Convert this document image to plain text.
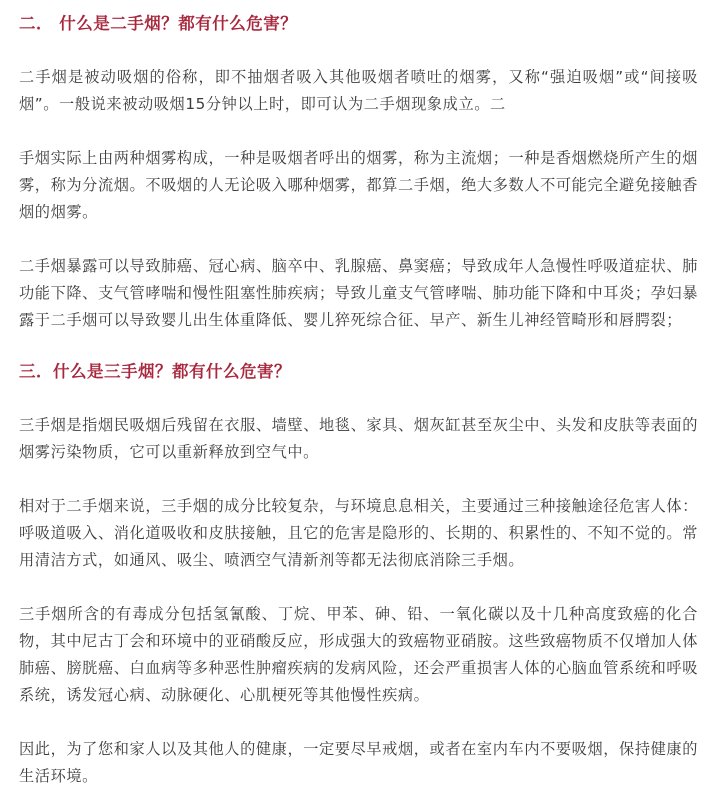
二． 什么是二手烟？都有什么危害？

二手烟是被动吸烟的俗称，即不抽烟者吸入其他吸烟者喷吐的烟雾，又称“强迫吸烟”或“间接吸烟”。一般说来被动吸烟15分钟以上时，即可认为二手烟现象成立。二

手烟实际上由两种烟雾构成，一种是吸烟者呼出的烟雾，称为主流烟；一种是香烟燃烧所产生的烟雾，称为分流烟。不吸烟的人无论吸入哪种烟雾，都算二手烟，绝大多数人不可能完全避免接触香烟的烟雾。

二手烟暴露可以导致肺癌、冠心病、脑卒中、乳腺癌、鼻窦癌；导致成年人急慢性呼吸道症状、肺功能下降、支气管哮喘和慢性阻塞性肺疾病；导致儿童支气管哮喘、肺功能下降和中耳炎；孕妇暴露于二手烟可以导致婴儿出生体重降低、婴儿猝死综合征、早产、新生儿神经管畸形和唇腭裂；

三．什么是三手烟？都有什么危害？

三手烟是指烟民吸烟后残留在衣服、墙壁、地毯、家具、烟灰缸甚至灰尘中、头发和皮肤等表面的烟雾污染物质，它可以重新释放到空气中。

相对于二手烟来说，三手烟的成分比较复杂，与环境息息相关，主要通过三种接触途径危害人体：呼吸道吸入、消化道吸收和皮肤接触，且它的危害是隐形的、长期的、积累性的、不知不觉的。常用清洁方式，如通风、吸尘、喷洒空气清新剂等都无法彻底消除三手烟。

三手烟所含的有毒成分包括氢氰酸、丁烷、甲苯、砷、铅、一氧化碳以及十几种高度致癌的化合物，其中尼古丁会和环境中的亚硝酸反应，形成强大的致癌物亚硝胺。这些致癌物质不仅增加人体肺癌、膀胱癌、白血病等多种恶性肿瘤疾病的发病风险，还会严重损害人体的心脑血管系统和呼吸系统，诱发冠心病、动脉硬化、心肌梗死等其他慢性疾病。

因此，为了您和家人以及其他人的健康，一定要尽早戒烟，或者在室内车内不要吸烟，保持健康的生活环境。
